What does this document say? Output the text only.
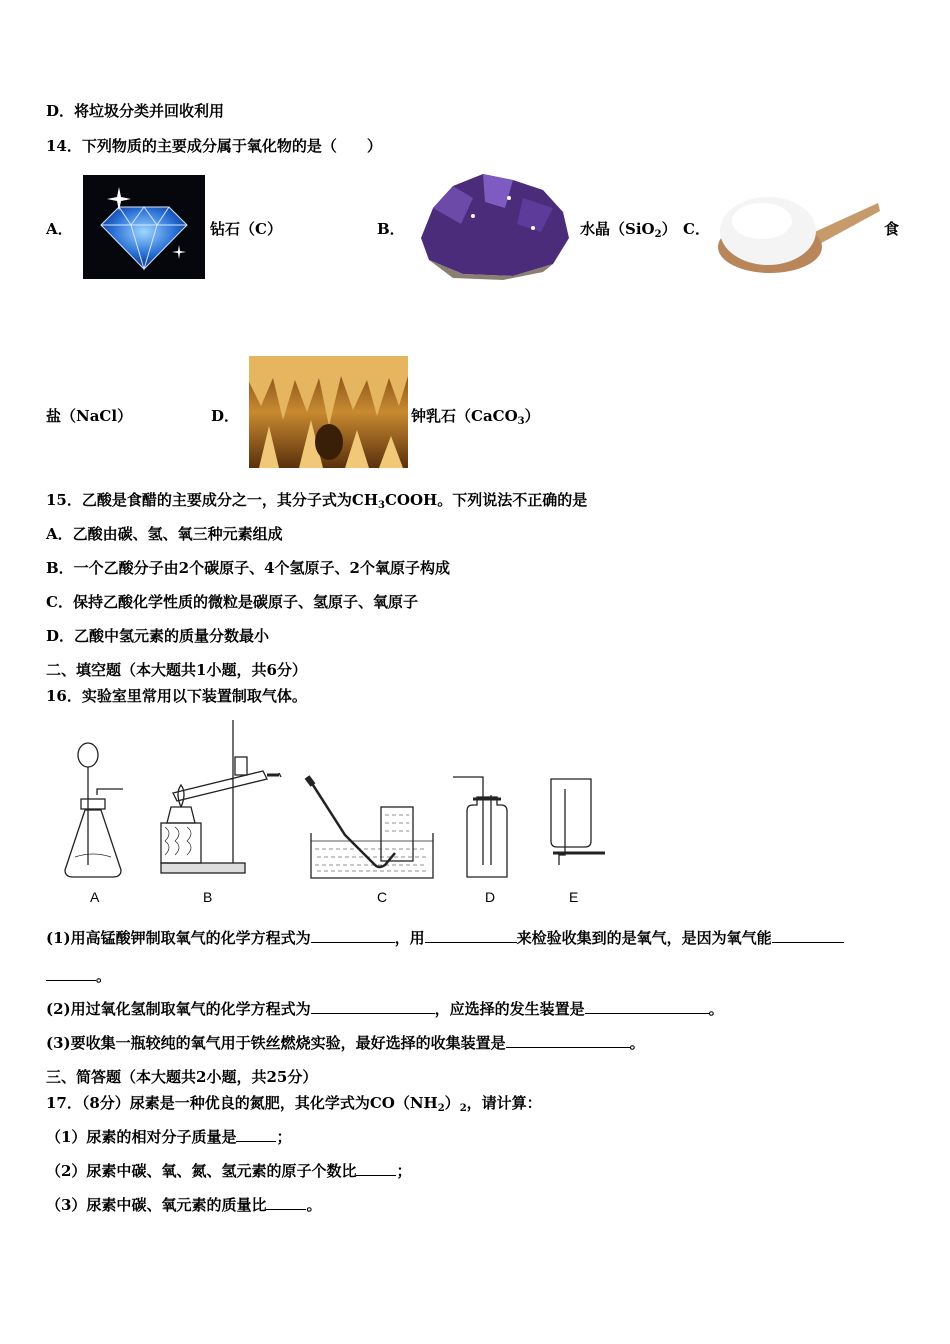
D．将垃圾分类并回收利用
14．下列物质的主要成分属于氧化物的是（　　）
A．	钻石（C）	B．	水晶（SiO$_2$） C．	食
盐（NaCl）	D．	钟乳石（CaCO$_3$）
15．乙酸是食醋的主要成分之一，其分子式为$CH_3COOH$。下列说法不正确的是
A．乙酸由碳、氢、氧三种元素组成
B．一个乙酸分子由2个碳原子、4个氢原子、2个氧原子构成
C．保持乙酸化学性质的微粒是碳原子、氢原子、氧原子
D．乙酸中氢元素的质量分数最小
二、填空题（本大题共1小题，共6分）
16．实验室里常用以下装置制取气体。
A	B	C	D	E
(1)用高锰酸钾制取氧气的化学方程式为	，用	来检验收集到的是氧气，是因为氧气能
。
(2)用过氧化氢制取氧气的化学方程式为	，应选择的发生装置是	。
(3)要收集一瓶较纯的氧气用于铁丝燃烧实验，最好选择的收集装置是	。
三、简答题（本大题共2小题，共25分）
17．（8分）尿素是一种优良的氮肥，其化学式为$CO(NH_2)_2$，请计算：
（1）尿素的相对分子质量是	；
（2）尿素中碳、氧、氮、氢元素的原子个数比	；
（3）尿素中碳、氧元素的质量比	。
